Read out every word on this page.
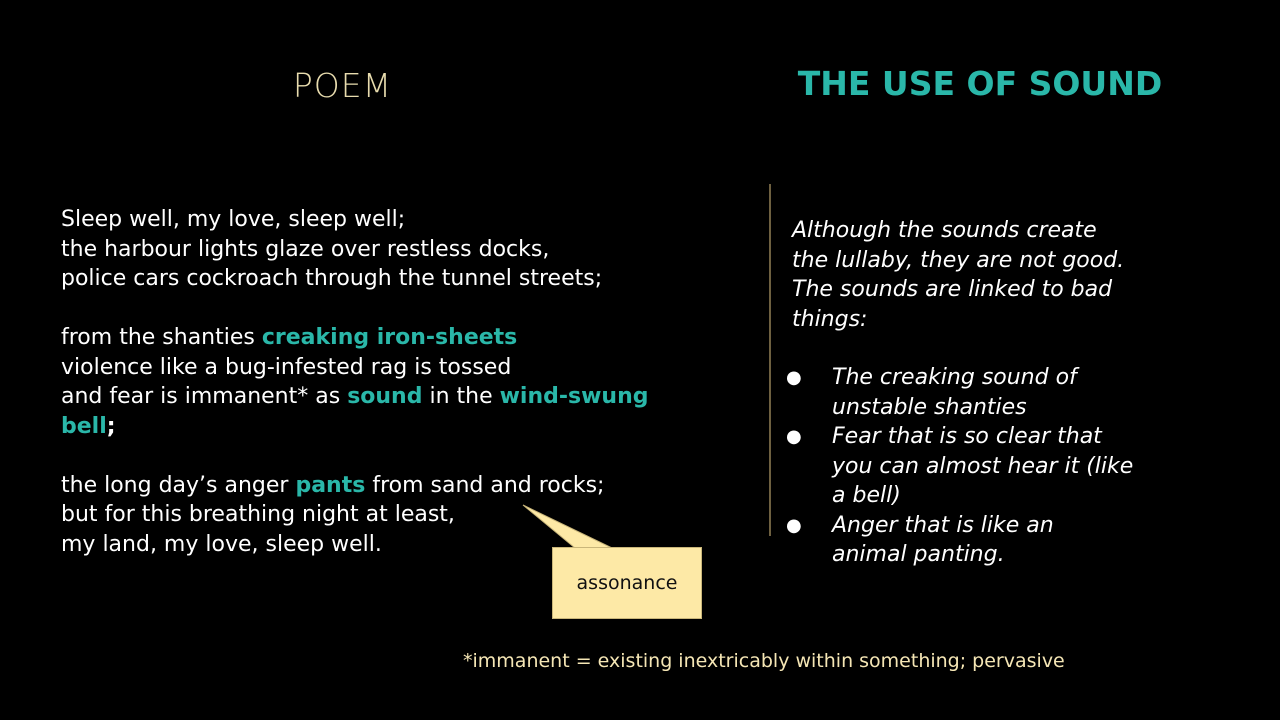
POEM	THE USE OF SOUND
Sleep well, my love, sleep well;
the harbour lights glaze over restless docks,
police cars cockroach through the tunnel streets;
from the shanties creaking iron-sheets
violence like a bug-infested rag is tossed
and fear is immanent* as sound in the wind-swung
bell;
the long day’s anger pants from sand and rocks;
but for this breathing night at least,
my land, my love, sleep well.
Although the sounds create
the lullaby, they are not good.
The sounds are linked to bad
things:
● The creaking sound of
unstable shanties
● Fear that is so clear that
you can almost hear it (like
a bell)
● Anger that is like an
animal panting.
assonance
*immanent = existing inextricably within something; pervasive
